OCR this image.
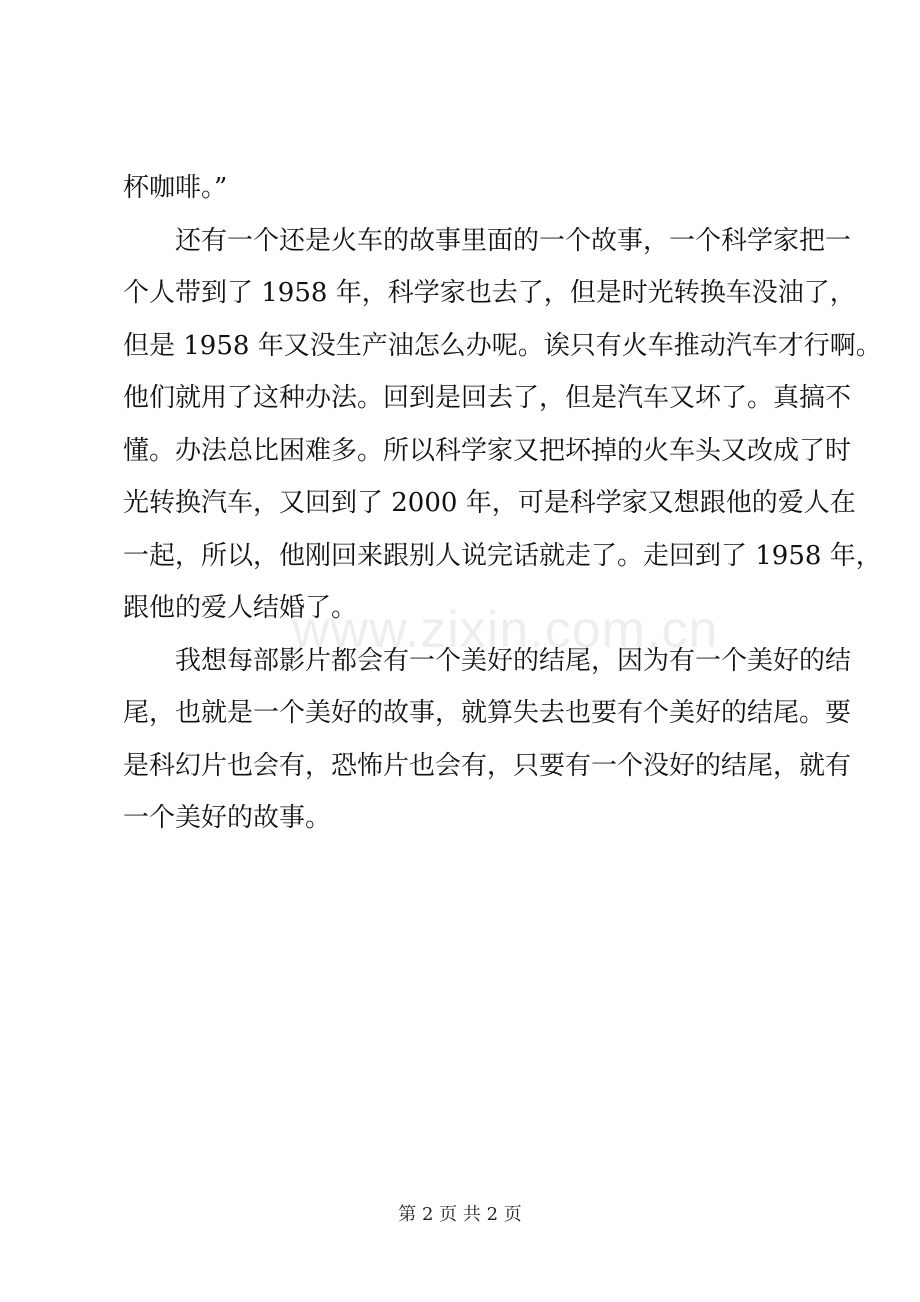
杯咖啡。”
　　还有一个还是火车的故事里面的一个故事，一个科学家把一
个人带到了 1958 年，科学家也去了，但是时光转换车没油了，
但是 1958 年又没生产油怎么办呢。诶只有火车推动汽车才行啊。
他们就用了这种办法。回到是回去了，但是汽车又坏了。真搞不
懂。办法总比困难多。所以科学家又把坏掉的火车头又改成了时
光转换汽车，又回到了 2000 年，可是科学家又想跟他的爱人在
一起，所以，他刚回来跟别人说完话就走了。走回到了 1958 年，
跟他的爱人结婚了。
　　我想每部影片都会有一个美好的结尾，因为有一个美好的结
尾，也就是一个美好的故事，就算失去也要有个美好的结尾。要
是科幻片也会有，恐怖片也会有，只要有一个没好的结尾，就有
一个美好的故事。
www.zixin.com.cn
第 2 页 共 2 页
